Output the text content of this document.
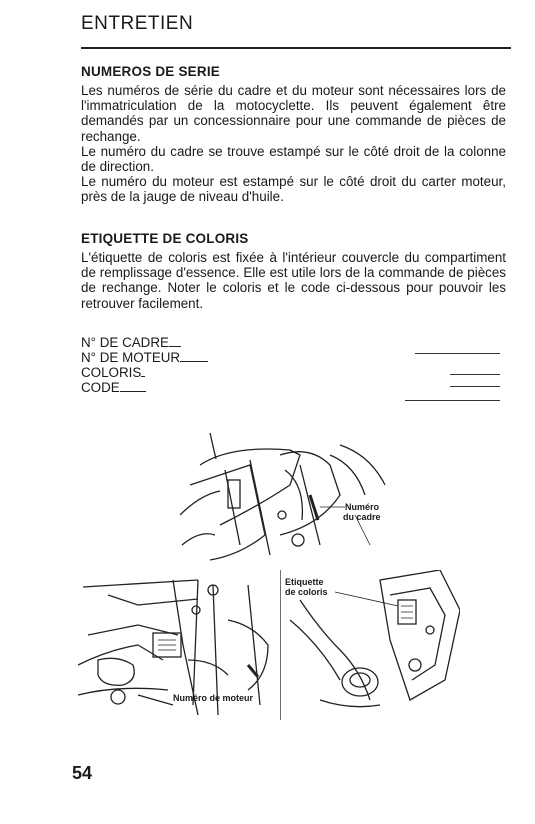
ENTRETIEN
NUMEROS DE SERIE

Les numéros de série du cadre et du moteur sont nécessaires lors de l'immatriculation de la motocyclette. Ils peuvent également être demandés par un concessionnaire pour une commande de pièces de rechange.

Le numéro du cadre se trouve estampé sur le côté droit de la colonne de direction.

Le numéro du moteur est estampé sur le côté droit du carter moteur, près de la jauge de niveau d'huile.

ETIQUETTE DE COLORIS

L'étiquette de coloris est fixée à l'intérieur couvercle du compartiment de remplissage d'essence. Elle est utile lors de la commande de pièces de rechange. Noter le coloris et le code ci-dessous pour pouvoir les retrouver facilement.

N° DE CADRE
N° DE MOTEUR
COLORIS
CODE
Numéro
du cadre
Numéro de moteur
Etiquette
de coloris
54
